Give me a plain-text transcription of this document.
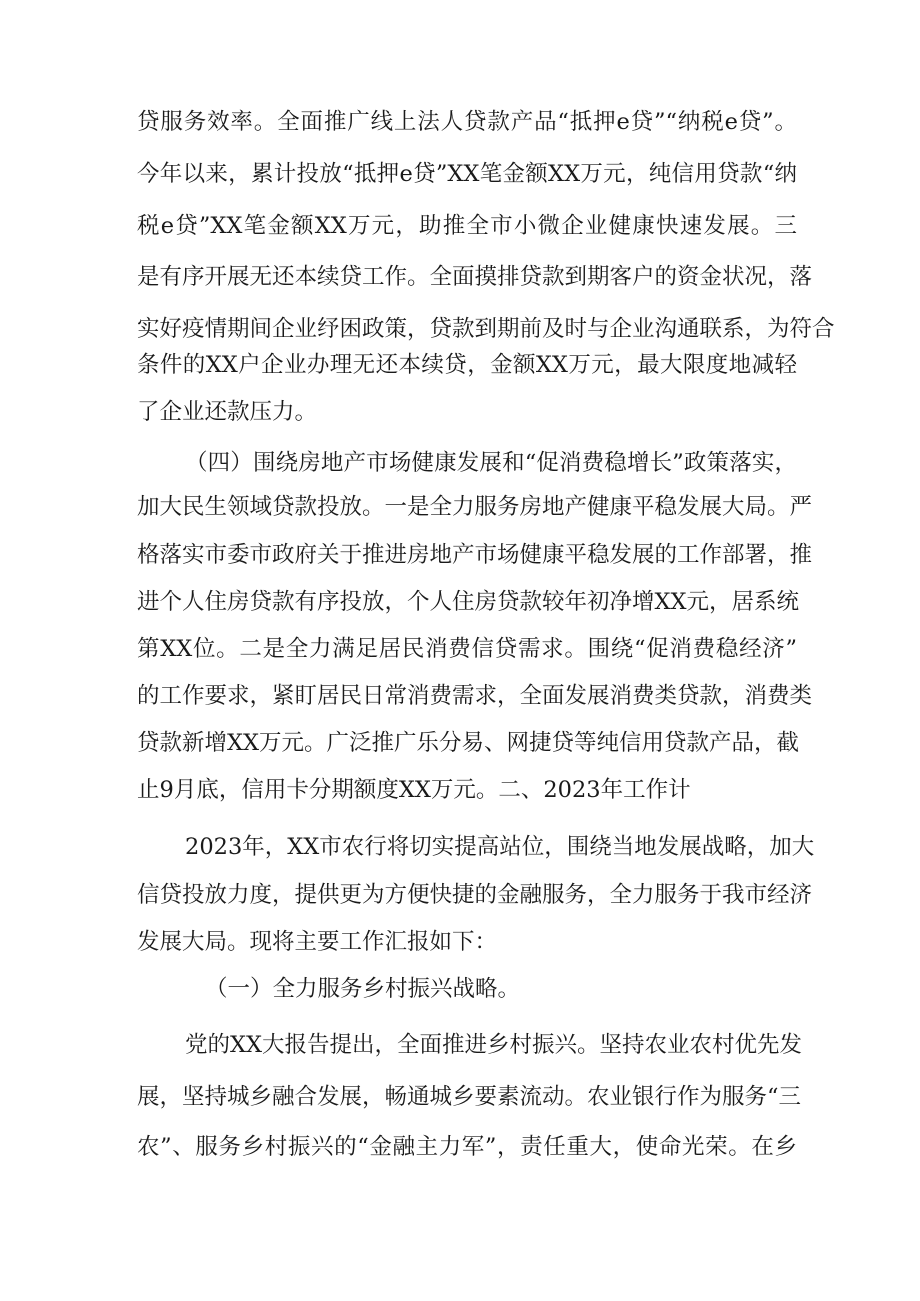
贷服务效率。全面推广线上法人贷款产品“抵押e贷”“纳税e贷”。

今年以来，累计投放“抵押e贷”XX笔金额XX万元，纯信用贷款“纳

税e贷”XX笔金额XX万元，助推全市小微企业健康快速发展。三

是有序开展无还本续贷工作。全面摸排贷款到期客户的资金状况，落

实好疫情期间企业纾困政策，贷款到期前及时与企业沟通联系，为符合

条件的XX户企业办理无还本续贷，金额XX万元，最大限度地减轻

了企业还款压力。

（四）围绕房地产市场健康发展和“促消费稳增长”政策落实，

加大民生领域贷款投放。一是全力服务房地产健康平稳发展大局。严

格落实市委市政府关于推进房地产市场健康平稳发展的工作部署，推

进个人住房贷款有序投放，个人住房贷款较年初净增XX元，居系统

第XX位。二是全力满足居民消费信贷需求。围绕“促消费稳经济”

的工作要求，紧盯居民日常消费需求，全面发展消费类贷款，消费类

贷款新增XX万元。广泛推广乐分易、网捷贷等纯信用贷款产品，截

止9月底，信用卡分期额度XX万元。二、2023年工作计

2023年，XX市农行将切实提高站位，围绕当地发展战略，加大

信贷投放力度，提供更为方便快捷的金融服务，全力服务于我市经济

发展大局。现将主要工作汇报如下：

（一）全力服务乡村振兴战略。

党的XX大报告提出，全面推进乡村振兴。坚持农业农村优先发

展，坚持城乡融合发展，畅通城乡要素流动。农业银行作为服务“三

农”、服务乡村振兴的“金融主力军”，责任重大，使命光荣。在乡
